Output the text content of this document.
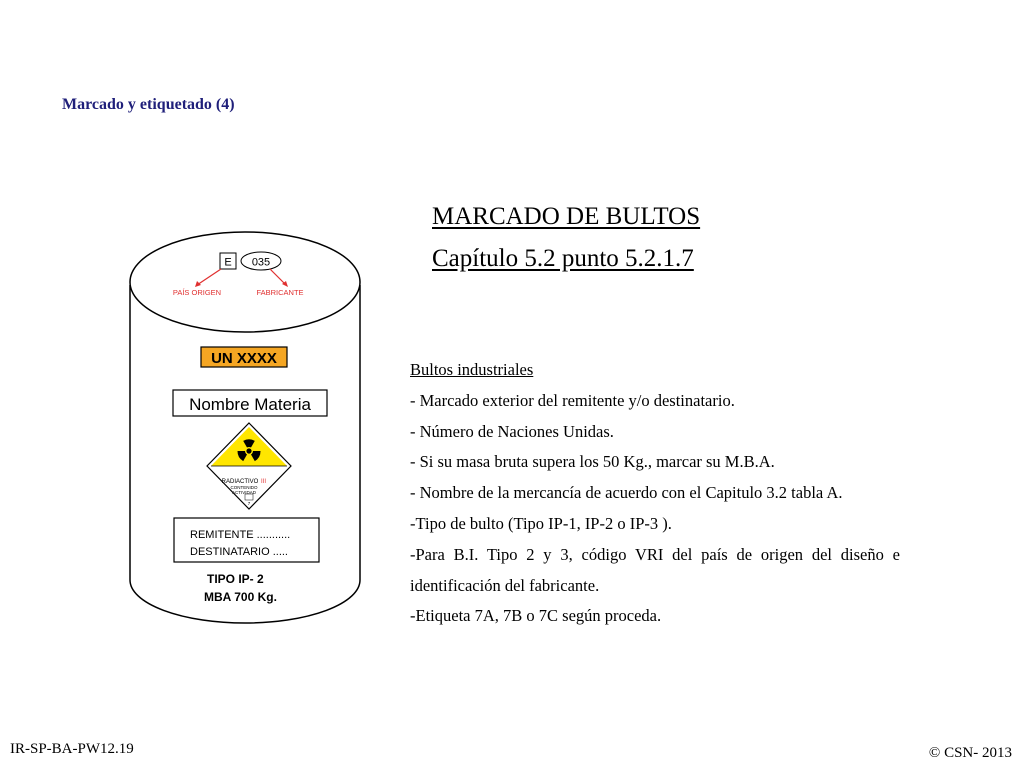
Marcado y etiquetado (4)
MARCADO DE BULTOS
Capítulo 5.2 punto 5.2.1.7
E 035
PAÍS ORIGEN	FABRICANTE
UN XXXX
Nombre Materia
RADIACTIVO III
CONTENIDO
ACTIVIDAD
7
REMITENTE ...........
DESTINATARIO .....
TIPO IP- 2
MBA 700 Kg.
Bultos industriales
- Marcado exterior del remitente y/o destinatario.
- Número de Naciones Unidas.
- Si su masa bruta supera los 50 Kg., marcar su M.B.A.
- Nombre de la mercancía de acuerdo con el Capitulo 3.2 tabla A.
-Tipo de bulto (Tipo IP-1, IP-2 o IP-3 ).
-Para B.I. Tipo 2 y 3, código VRI del país de origen del diseño e identificación del fabricante.
-Etiqueta 7A, 7B o 7C según proceda.
IR-SP-BA-PW12.19	© CSN- 2013
